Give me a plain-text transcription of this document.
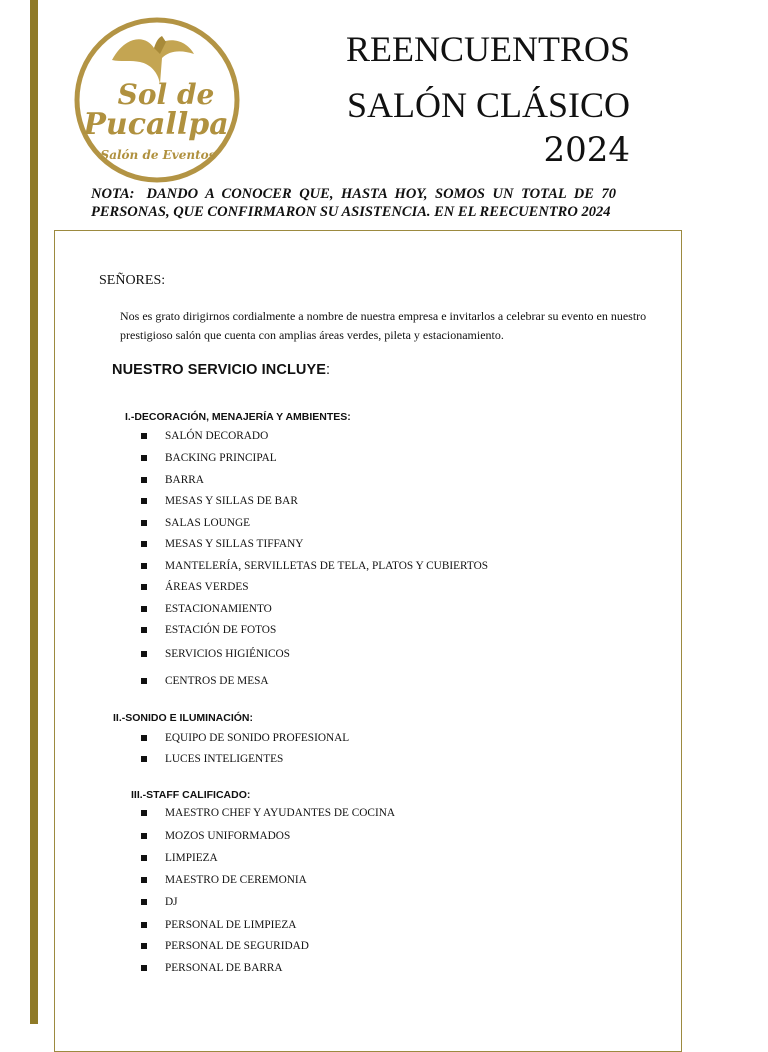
Sol de
Pucallpa
Salón de Eventos
REENCUENTROS
SALÓN CLÁSICO
2024
NOTA: DANDO A CONOCER QUE, HASTA HOY, SOMOS UN TOTAL DE 70 PERSONAS, QUE CONFIRMARON SU ASISTENCIA. EN EL REECUENTRO 2024
SEÑORES:
Nos es grato dirigirnos cordialmente a nombre de nuestra empresa e invitarlos a celebrar su evento en nuestro prestigioso salón que cuenta con amplias áreas verdes, pileta y estacionamiento.
NUESTRO SERVICIO INCLUYE:
I.-DECORACIÓN, MENAJERÍA Y AMBIENTES:
SALÓN DECORADO
BACKING PRINCIPAL
BARRA
MESAS Y SILLAS DE BAR
SALAS LOUNGE
MESAS Y SILLAS TIFFANY
MANTELERÍA, SERVILLETAS DE TELA, PLATOS Y CUBIERTOS
ÁREAS VERDES
ESTACIONAMIENTO
ESTACIÓN DE FOTOS
SERVICIOS HIGIÉNICOS
CENTROS DE MESA
II.-SONIDO E ILUMINACIÓN:
EQUIPO DE SONIDO PROFESIONAL
LUCES INTELIGENTES
III.-STAFF CALIFICADO:
MAESTRO CHEF Y AYUDANTES DE COCINA
MOZOS UNIFORMADOS
LIMPIEZA
MAESTRO DE CEREMONIA
DJ
PERSONAL DE LIMPIEZA
PERSONAL DE SEGURIDAD
PERSONAL DE BARRA
